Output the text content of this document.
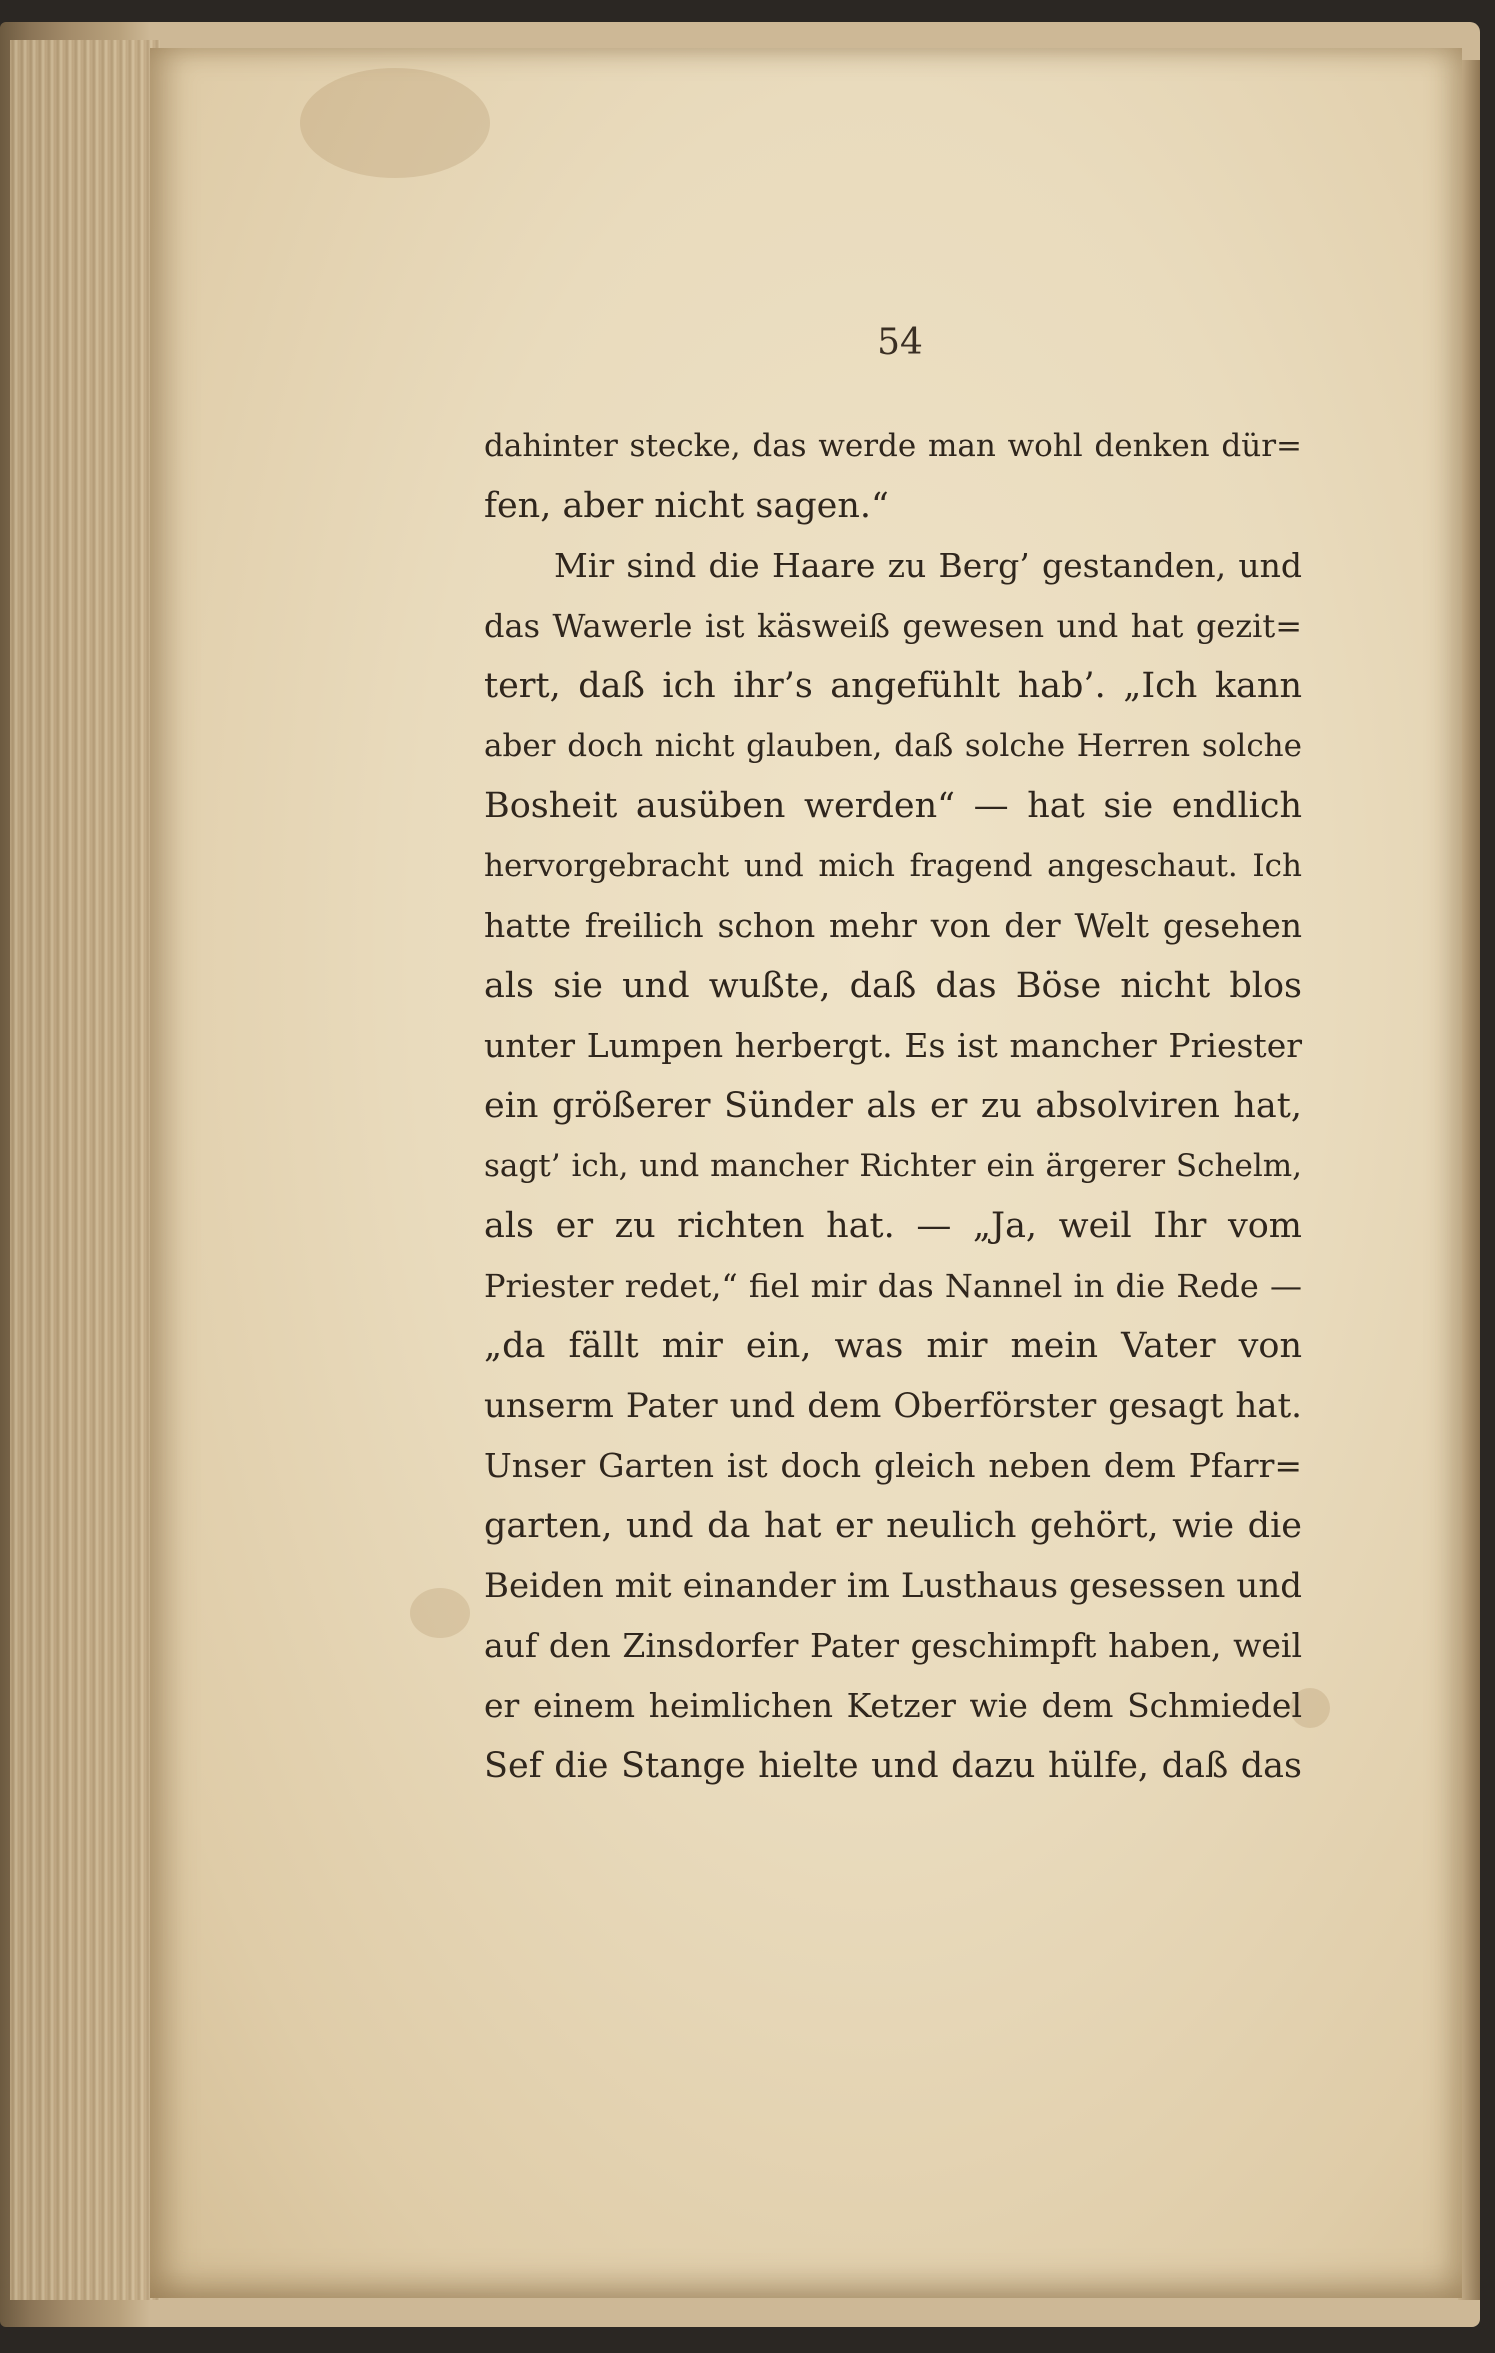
54
dahinter stecke, das werde man wohl denken dür=
fen, aber nicht sagen.“
Mir sind die Haare zu Berg’ gestanden, und
das Wawerle ist käsweiß gewesen und hat gezit=
tert, daß ich ihr’s angefühlt hab’. „Ich kann
aber doch nicht glauben, daß solche Herren solche
Bosheit ausüben werden“ — hat sie endlich
hervorgebracht und mich fragend angeschaut. Ich
hatte freilich schon mehr von der Welt gesehen
als sie und wußte, daß das Böse nicht blos
unter Lumpen herbergt. Es ist mancher Priester
ein größerer Sünder als er zu absolviren hat,
sagt’ ich, und mancher Richter ein ärgerer Schelm,
als er zu richten hat. — „Ja, weil Ihr vom
Priester redet,“ fiel mir das Nannel in die Rede —
„da fällt mir ein, was mir mein Vater von
unserm Pater und dem Oberförster gesagt hat.
Unser Garten ist doch gleich neben dem Pfarr=
garten, und da hat er neulich gehört, wie die
Beiden mit einander im Lusthaus gesessen und
auf den Zinsdorfer Pater geschimpft haben, weil
er einem heimlichen Ketzer wie dem Schmiedel
Sef die Stange hielte und dazu hülfe, daß das
